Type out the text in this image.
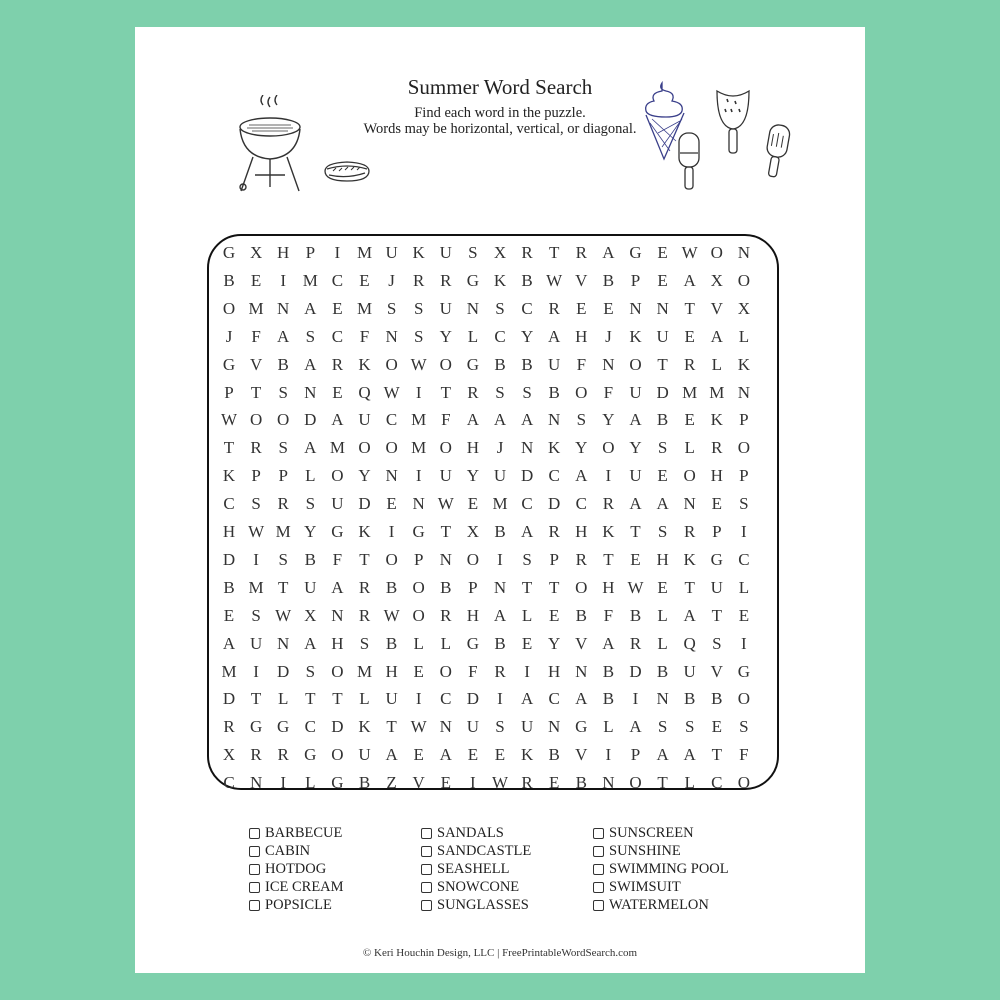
Summer Word Search
Find each word in the puzzle.
Words may be horizontal, vertical, or diagonal.
G X H P	I M U K U S X R T R A G E W O N
B E	I M C E	J	R R G K B W V B P	E A X O
O M N A E M S	S U N S C R E E N N T V X
J	F A S C F N S Y L C Y A H	J	K U E A L
G V B A R K O W O G B B U F N O T R L K
P	T	S N E Q W I	T R S	S B O F U D M M N
W O O D A U C M F A A A N S Y A B E K P
T R S A M O O M O H	J	N K Y O Y S	L R O
K P	P	L O Y N	I	U Y U D C A	I	U E O H P
C S R S U D E N W E M C D C R A A N E	S
H W M Y G K	I	G T X B A R H K T	S R P	I
D	I	S B F	T O P N O	I	S	P R T E H K G C
B M T U A R B O B P N T T O H W E T U L
E	S W X N R W O R H A L E B F B L A T E
A U N A H S B L L G B E Y V A R L Q S	I
M I	D S O M H E O F R	I	H N B D B U V G
D T L T T L U	I	C D	I	A C A B	I	N B B O
R G G C D K T W N U S U N G L A S	S	E	S
X R R G O U A E A E E K B V	I	P A A T	F
C N	I	L G B Z V E	I W R E B N O T L C O
BARBECUE
CABIN
HOTDOG
ICE CREAM
POPSICLE
SANDALS
SANDCASTLE
SEASHELL
SNOWCONE
SUNGLASSES
SUNSCREEN
SUNSHINE
SWIMMING POOL
SWIMSUIT
WATERMELON
© Keri Houchin Design, LLC | FreePrintableWordSearch.com
